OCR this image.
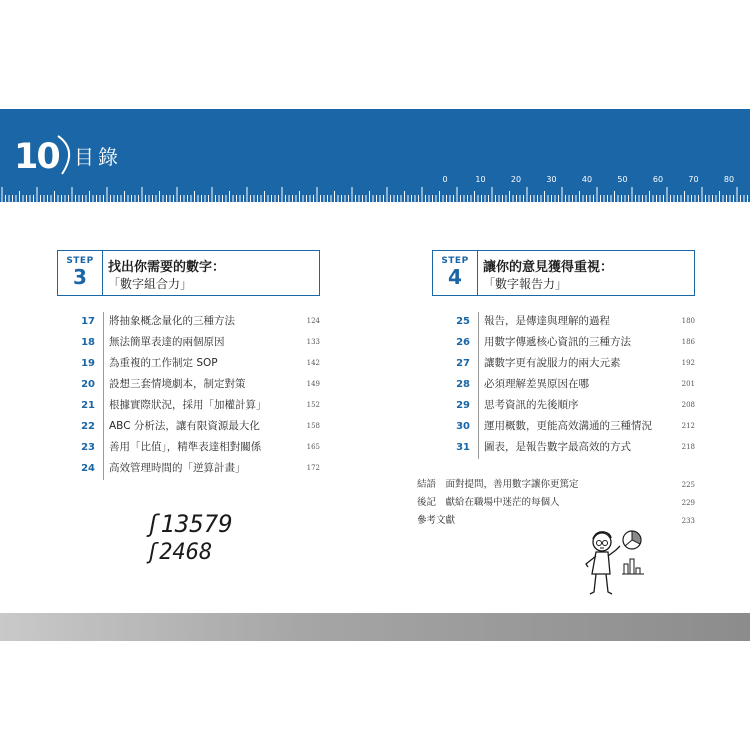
10 目錄
0	10	20	30	40	50	60	70	80
STEP
3	找出你需要的數字：
「數字組合力」
17 將抽象概念量化的三種方法	124
18 無法簡單表達的兩個原因	133
19 為重複的工作制定 SOP	142
20 設想三套情境劇本，制定對策	149
21 根據實際狀況，採用「加權計算」	152
22 ABC 分析法，讓有限資源最大化	158
23 善用「比值」，精準表達相對關係	165
24 高效管理時間的「逆算計畫」	172
ʃ13579
ʃ2468
STEP
4	讓你的意見獲得重視：
「數字報告力」
25 報告，是傳達與理解的過程	180
26 用數字傳遞核心資訊的三種方法	186
27 讓數字更有說服力的兩大元素	192
28 必須理解差異原因在哪	201
29 思考資訊的先後順序	208
30 運用概數，更能高效溝通的三種情況	212
31 圖表，是報告數字最高效的方式	218
結語　面對提問，善用數字讓你更篤定	225
後記　獻給在職場中迷茫的每個人	229
參考文獻	233
